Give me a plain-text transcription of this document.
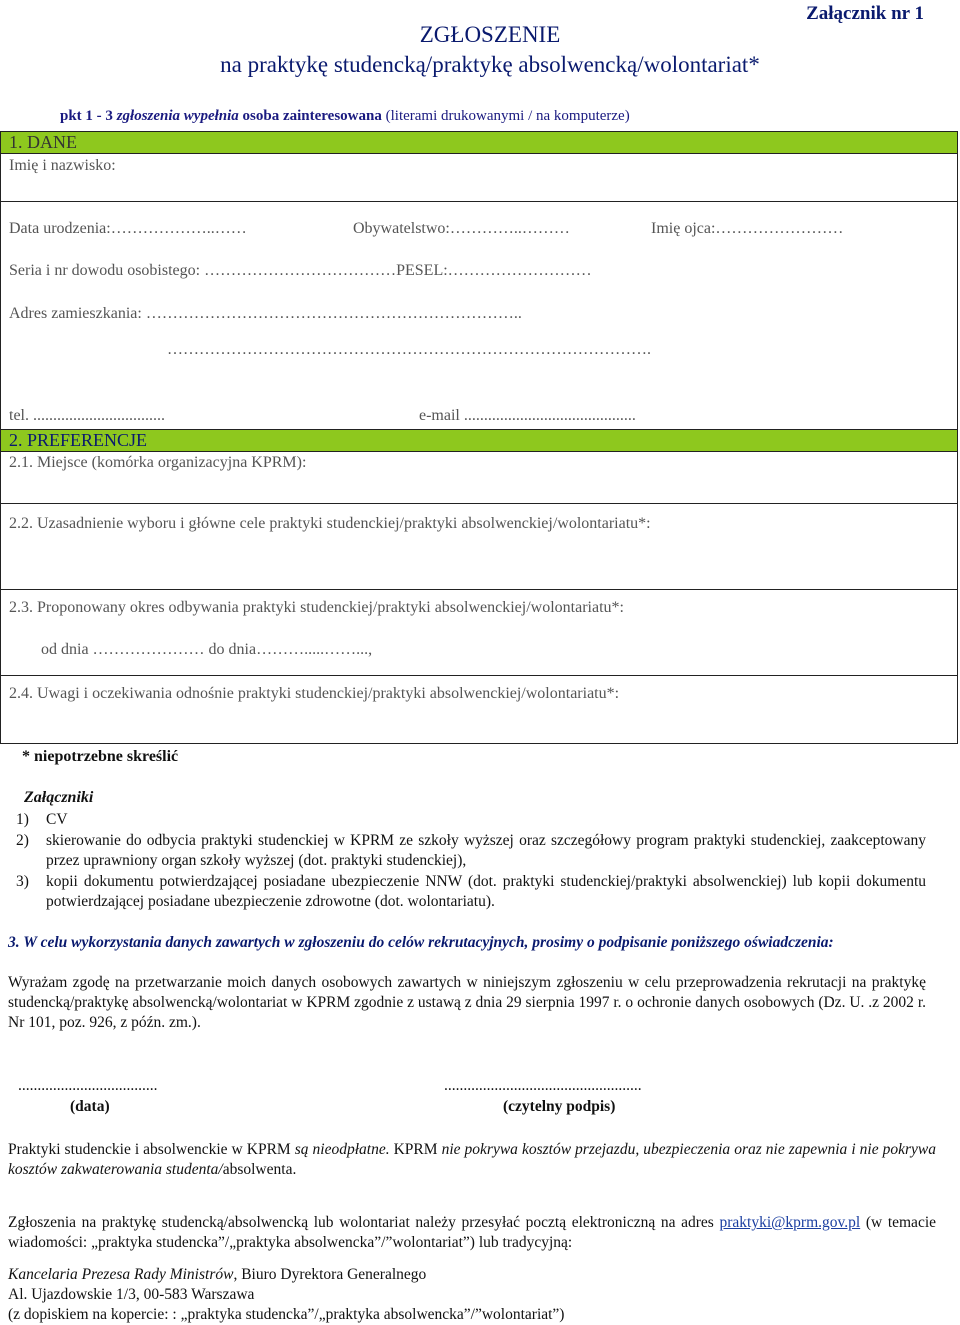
ZGŁOSZENIE
na praktykę studencką/praktykę absolwencką/wolontariat*
Załącznik nr 1
pkt 1 - 3 zgłoszenia wypełnia osoba zainteresowana (literami drukowanymi / na komputerze)
1. DANE
Imię i nazwisko:
Data urodzenia:………………..……	Obywatelstwo:…………..………	Imię ojca:……………………
Seria i nr dowodu osobistego: ………………………………PESEL:………………………
Adres zamieszkania: ……………………………………………………………..
……………………………………………………………………………….
tel. .................................	e-mail ...........................................
2. PREFERENCJE
2.1. Miejsce (komórka organizacyjna KPRM):
2.2. Uzasadnienie wyboru i główne cele praktyki studenckiej/praktyki absolwenckiej/wolontariatu*:
2.3. Proponowany okres odbywania praktyki studenckiej/praktyki absolwenckiej/wolontariatu*:
od dnia ………………… do dnia……….....……...,
2.4. Uwagi i oczekiwania odnośnie praktyki studenckiej/praktyki absolwenckiej/wolontariatu*:
* niepotrzebne skreślić
Załączniki
1) CV
2) skierowanie do odbycia praktyki studenckiej w KPRM ze szkoły wyższej oraz szczegółowy program praktyki studenckiej, zaakceptowany przez uprawniony organ szkoły wyższej (dot. praktyki studenckiej),
3) kopii dokumentu potwierdzającej posiadane ubezpieczenie NNW (dot. praktyki studenckiej/praktyki absolwenckiej) lub kopii dokumentu potwierdzającej posiadane ubezpieczenie zdrowotne (dot. wolontariatu).
3. W celu wykorzystania danych zawartych w zgłoszeniu do celów rekrutacyjnych, prosimy o podpisanie poniższego oświadczenia:
Wyrażam zgodę na przetwarzanie moich danych osobowych zawartych w niniejszym zgłoszeniu w celu przeprowadzenia rekrutacji na praktykę studencką/praktykę absolwencką/wolontariat w KPRM zgodnie z ustawą z dnia 29 sierpnia 1997 r. o ochronie danych osobowych (Dz. U. .z 2002 r. Nr 101, poz. 926, z późn. zm.).
....................................
(data)
...................................................
(czytelny podpis)
Praktyki studenckie i absolwenckie w KPRM są nieodpłatne. KPRM nie pokrywa kosztów przejazdu, ubezpieczenia oraz nie zapewnia i nie pokrywa kosztów zakwaterowania studenta/absolwenta.
Zgłoszenia na praktykę studencką/absolwencką lub wolontariat należy przesyłać pocztą elektroniczną na adres praktyki@kprm.gov.pl (w temacie wiadomości: „praktyka studencka”/„praktyka absolwencka”/”wolontariat”) lub tradycyjną:
Kancelaria Prezesa Rady Ministrów, Biuro Dyrektora Generalnego
Al. Ujazdowskie 1/3, 00-583 Warszawa
(z dopiskiem na kopercie: : „praktyka studencka”/„praktyka absolwencka”/”wolontariat”)
